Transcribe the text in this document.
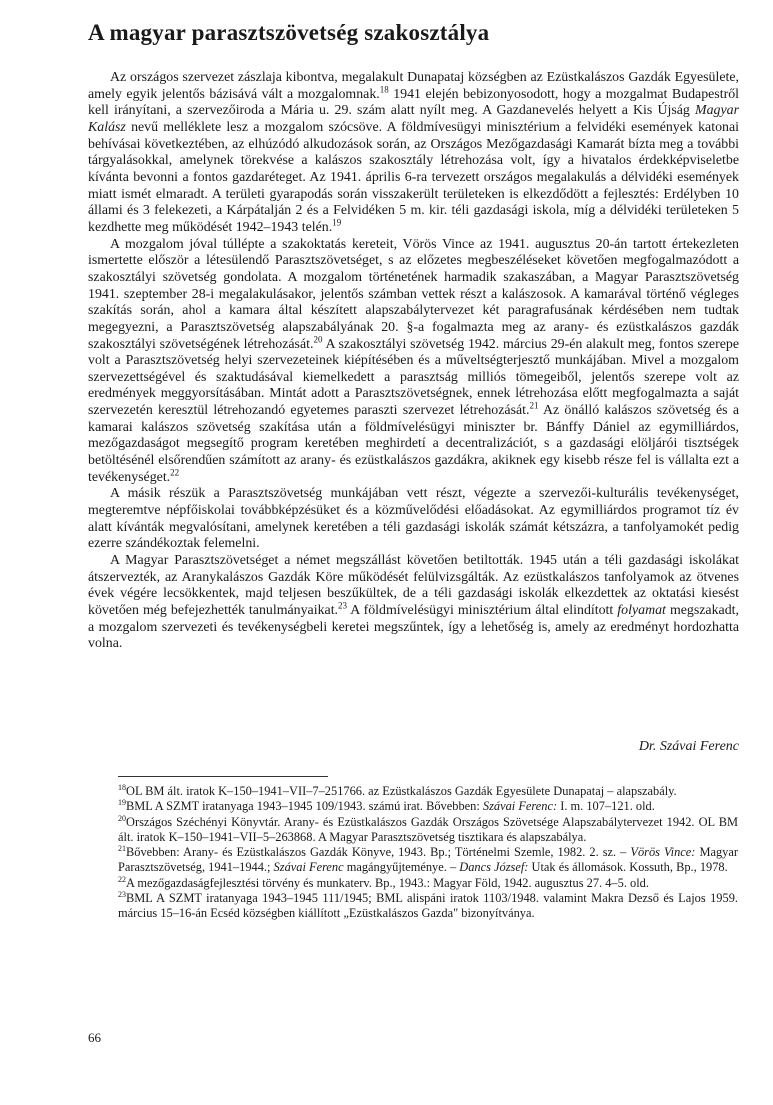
A magyar parasztszövetség szakosztálya

Az országos szervezet zászlaja kibontva, megalakult Dunapataj községben az Ezüstkalászos Gazdák Egyesülete, amely egyik jelentős bázisává vált a mozgalomnak.$^{18}$ 1941 elején bebizonyosodott, hogy a mozgalmat Budapestről kell irányítani, a szervezőiroda a Mária u. 29. szám alatt nyílt meg. A Gazdanevelés helyett a Kis Újság Magyar Kalász nevű melléklete lesz a mozgalom szócsöve. A földmívesügyi minisztérium a felvidéki események katonai behívásai következtében, az elhúzódó alkudozások során, az Országos Mezőgazdasági Kamarát bízta meg a további tárgyalásokkal, amelynek törekvése a kalászos szakosztály létrehozása volt, így a hivatalos érdekképviseletbe kívánta bevonni a fontos gazdaréteget. Az 1941. április 6-ra tervezett országos megalakulás a délvidéki események miatt ismét elmaradt. A területi gyarapodás során visszakerült területeken is elkezdődött a fejlesztés: Erdélyben 10 állami és 3 felekezeti, a Kárpátalján 2 és a Felvidéken 5 m. kir. téli gazdasági iskola, míg a délvidéki területeken 5 kezdhette meg működését 1942–1943 telén.$^{19}$

A mozgalom jóval túllépte a szakoktatás kereteit, Vörös Vince az 1941. augusztus 20-án tartott értekezleten ismertette először a létesülendő Parasztszövetséget, s az előzetes megbeszéléseket követően megfogalmazódott a szakosztályi szövetség gondolata. A mozgalom történetének harmadik szakaszában, a Magyar Parasztszövetség 1941. szeptember 28-i megalakulásakor, jelentős számban vettek részt a kalászosok. A kamarával történő végleges szakítás során, ahol a kamara által készített alapszabálytervezet két paragrafusának kérdésében nem tudtak megegyezni, a Parasztszövetség alapszabályának 20. §-a fogalmazta meg az arany- és ezüstkalászos gazdák szakosztályi szövetségének létrehozását.$^{20}$ A szakosztályi szövetség 1942. március 29-én alakult meg, fontos szerepe volt a Parasztszövetség helyi szervezeteinek kiépítésében és a műveltségterjesztő munkájában. Mivel a mozgalom szervezettségével és szaktudásával kiemelkedett a parasztság milliós tömegeiből, jelentős szerepe volt az eredmények meggyorsításában. Mintát adott a Parasztszövetségnek, ennek létrehozása előtt megfogalmazta a saját szervezetén keresztül létrehozandó egyetemes paraszti szervezet létrehozását.$^{21}$ Az önálló kalászos szövetség és a kamarai kalászos szövetség szakítása után a földmívelésügyi miniszter br. Bánffy Dániel az egymilliárdos, mezőgazdaságot megsegítő program keretében meghirdetí a decentralizációt, s a gazdasági elöljárói tisztségek betöltésénél elsőrendűen számított az arany- és ezüstkalászos gazdákra, akiknek egy kisebb része fel is vállalta ezt a tevékenységet.$^{22}$

A másik részük a Parasztszövetség munkájában vett részt, végezte a szervezői-kulturális tevékenységet, megteremtve népfőiskolai továbbképzésüket és a közművelődési előadásokat. Az egymilliárdos programot tíz év alatt kívánták megvalósítani, amelynek keretében a téli gazdasági iskolák számát kétszázra, a tanfolyamokét pedig ezerre szándékoztak felemelni.

A Magyar Parasztszövetséget a német megszállást követően betiltották. 1945 után a téli gazdasági iskolákat átszervezték, az Aranykalászos Gazdák Köre működését felülvizsgálták. Az ezüstkalászos tanfolyamok az ötvenes évek végére lecsökkentek, majd teljesen beszűkültek, de a téli gazdasági iskolák elkezdettek az oktatási kiesést követően még befejezhették tanulmányaikat.$^{23}$ A földmívelésügyi minisztérium által elindított folyamat megszakadt, a mozgalom szervezeti és tevékenységbeli keretei megszűntek, így a lehetőség is, amely az eredményt hordozhatta volna.

Dr. Szávai Ferenc

$^{18}$OL BM ált. iratok K–150–1941–VII–7–251766. az Ezüstkalászos Gazdák Egyesülete Dunapataj – alapszabály.

$^{19}$BML A SZMT iratanyaga 1943–1945 109/1943. számú irat. Bővebben: Szávai Ferenc: I. m. 107–121. old.

$^{20}$Országos Széchényi Könyvtár. Arany- és Ezüstkalászos Gazdák Országos Szövetsége Alapszabálytervezet 1942. OL BM ált. iratok K–150–1941–VII–5–263868. A Magyar Parasztszövetség tisztikara és alapszabálya.

$^{21}$Bővebben: Arany- és Ezüstkalászos Gazdák Könyve, 1943. Bp.; Történelmi Szemle, 1982. 2. sz. – Vörös Vince: Magyar Parasztszövetség, 1941–1944.; Szávai Ferenc magángyűjteménye. – Dancs József: Utak és állomások. Kossuth, Bp., 1978.

$^{22}$A mezőgazdaságfejlesztési törvény és munkaterv. Bp., 1943.: Magyar Föld, 1942. augusztus 27. 4–5. old.

$^{23}$BML A SZMT iratanyaga 1943–1945 111/1945; BML alispáni iratok 1103/1948. valamint Makra Dezső és Lajos 1959. március 15–16-án Ecséd községben kiállított „Ezüstkalászos Gazda" bizonyítványa.

66
